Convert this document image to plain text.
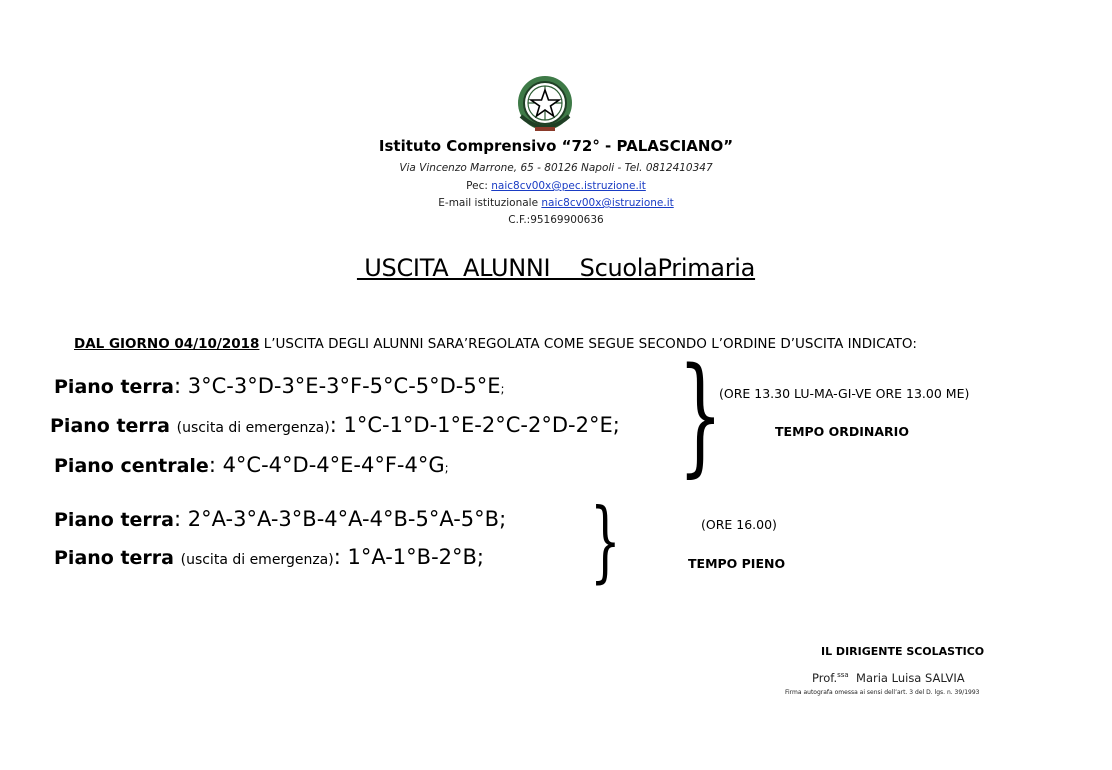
Istituto Comprensivo “72° - PALASCIANO”
Via Vincenzo Marrone, 65 - 80126 Napoli - Tel. 0812410347
Pec: naic8cv00x@pec.istruzione.it
E-mail istituzionale naic8cv00x@istruzione.it
C.F.:95169900636
USCITA  ALUNNI    ScuolaPrimaria
DAL GIORNO 04/10/2018 L’USCITA DEGLI ALUNNI SARA’REGOLATA COME SEGUE SECONDO L’ORDINE D’USCITA INDICATO:
Piano terra: 3°C-3°D-3°E-3°F-5°C-5°D-5°E;
Piano terra (uscita di emergenza): 1°C-1°D-1°E-2°C-2°D-2°E;
Piano centrale: 4°C-4°D-4°E-4°F-4°G; }
(ORE 13.30 LU-MA-GI-VE ORE 13.00 ME)
TEMPO ORDINARIO
Piano terra: 2°A-3°A-3°B-4°A-4°B-5°A-5°B;
Piano terra (uscita di emergenza): 1°A-1°B-2°B; }	(ORE 16.00)
TEMPO PIENO
IL DIRIGENTE SCOLASTICO
Prof.$^{ssa}$  Maria Luisa SALVIA
Firma autografa omessa ai sensi dell’art. 3 del D. lgs. n. 39/1993
